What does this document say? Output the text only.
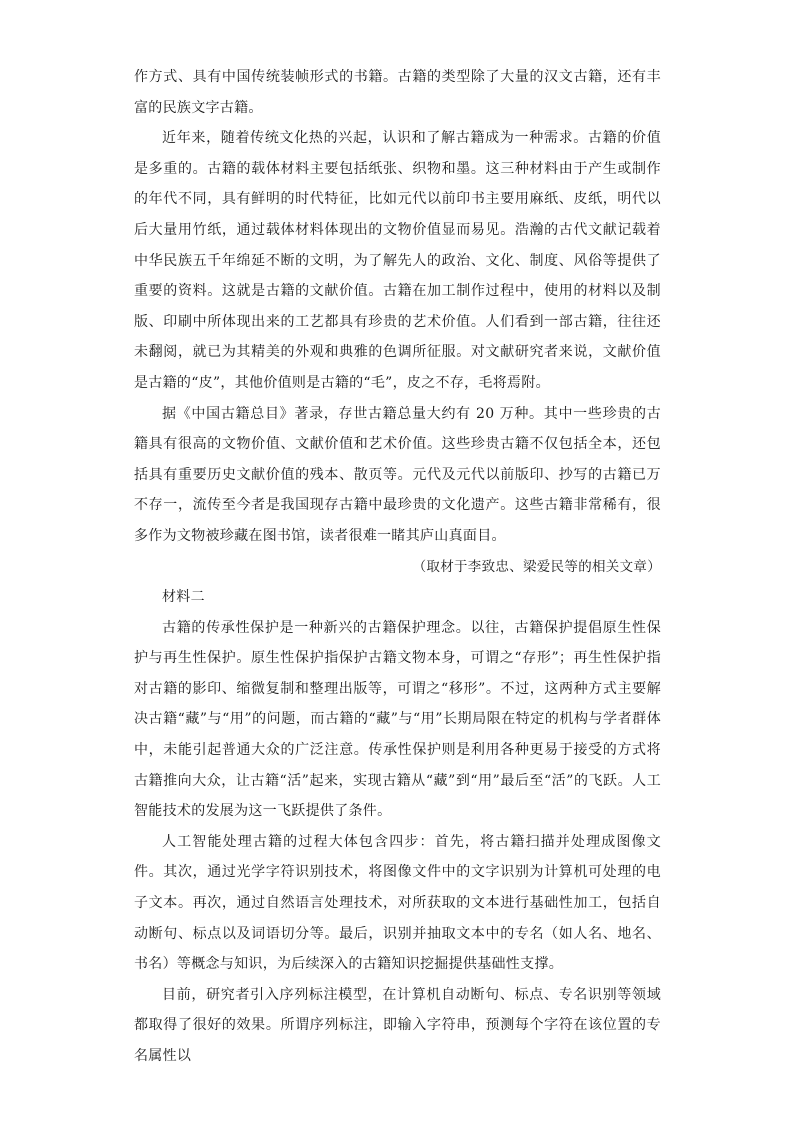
作方式、具有中国传统装帧形式的书籍。古籍的类型除了大量的汉文古籍，还有丰富的民族文字古籍。

近年来，随着传统文化热的兴起，认识和了解古籍成为一种需求。古籍的价值是多重的。古籍的载体材料主要包括纸张、织物和墨。这三种材料由于产生或制作的年代不同，具有鲜明的时代特征，比如元代以前印书主要用麻纸、皮纸，明代以后大量用竹纸，通过载体材料体现出的文物价值显而易见。浩瀚的古代文献记载着中华民族五千年绵延不断的文明，为了解先人的政治、文化、制度、风俗等提供了重要的资料。这就是古籍的文献价值。古籍在加工制作过程中，使用的材料以及制版、印刷中所体现出来的工艺都具有珍贵的艺术价值。人们看到一部古籍，往往还未翻阅，就已为其精美的外观和典雅的色调所征服。对文献研究者来说，文献价值是古籍的“皮”，其他价值则是古籍的“毛”，皮之不存，毛将焉附。

据《中国古籍总目》著录，存世古籍总量大约有 20 万种。其中一些珍贵的古籍具有很高的文物价值、文献价值和艺术价值。这些珍贵古籍不仅包括全本，还包括具有重要历史文献价值的残本、散页等。元代及元代以前版印、抄写的古籍已万不存一，流传至今者是我国现存古籍中最珍贵的文化遗产。这些古籍非常稀有，很多作为文物被珍藏在图书馆，读者很难一睹其庐山真面目。

（取材于李致忠、梁爱民等的相关文章）

材料二

古籍的传承性保护是一种新兴的古籍保护理念。以往，古籍保护提倡原生性保护与再生性保护。原生性保护指保护古籍文物本身，可谓之“存形”；再生性保护指对古籍的影印、缩微复制和整理出版等，可谓之“移形”。不过，这两种方式主要解决古籍“藏”与“用”的问题，而古籍的“藏”与“用”长期局限在特定的机构与学者群体中，未能引起普通大众的广泛注意。传承性保护则是利用各种更易于接受的方式将古籍推向大众，让古籍“活”起来，实现古籍从“藏”到“用”最后至“活”的飞跃。人工智能技术的发展为这一飞跃提供了条件。

人工智能处理古籍的过程大体包含四步：首先，将古籍扫描并处理成图像文件。其次，通过光学字符识别技术，将图像文件中的文字识别为计算机可处理的电子文本。再次，通过自然语言处理技术，对所获取的文本进行基础性加工，包括自动断句、标点以及词语切分等。最后，识别并抽取文本中的专名（如人名、地名、书名）等概念与知识，为后续深入的古籍知识挖掘提供基础性支撑。

目前，研究者引入序列标注模型，在计算机自动断句、标点、专名识别等领域都取得了很好的效果。所谓序列标注，即输入字符串，预测每个字符在该位置的专名属性以
